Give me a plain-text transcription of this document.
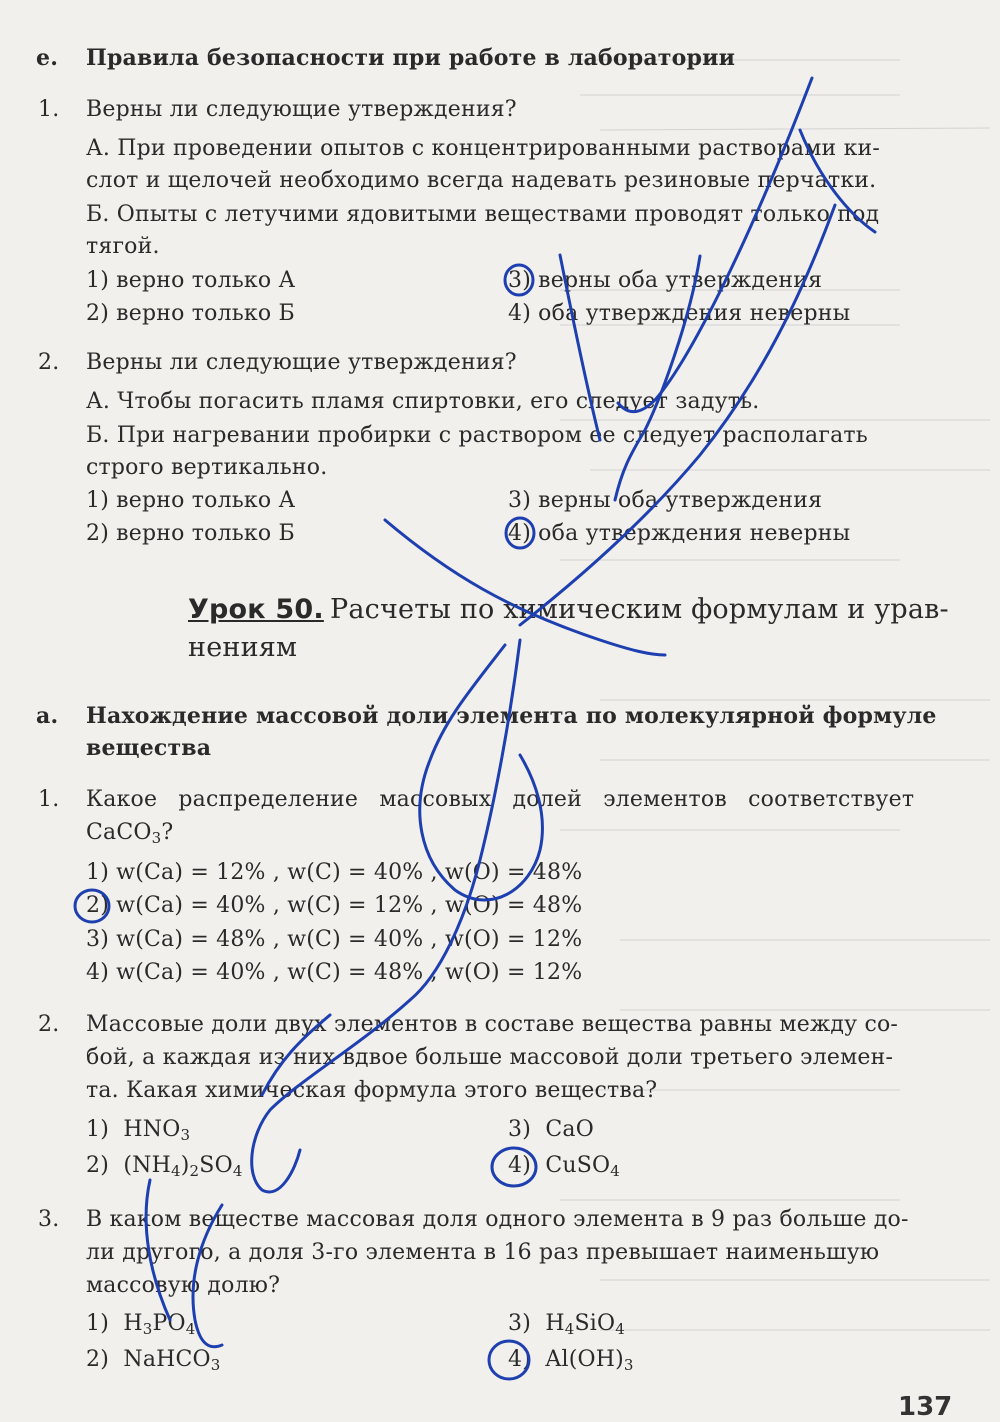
e. Правила безопасности при работе в лаборатории
1. Верны ли следующие утверждения?
А. При проведении опытов с концентрированными растворами ки-
слот и щелочей необходимо всегда надевать резиновые перчатки.
Б. Опыты с летучими ядовитыми веществами проводят только под
тягой.
1) верно только А
2) верно только Б
3) верны оба утверждения
4) оба утверждения неверны
2. Верны ли следующие утверждения?
А. Чтобы погасить пламя спиртовки, его следует задуть.
Б. При нагревании пробирки с раствором ее следует располагать
строго вертикально.
1) верно только А
2) верно только Б
3) верны оба утверждения
4) оба утверждения неверны
Урок 50. Расчеты по химическим формулам и урав-
нениям
а. Нахождение массовой доли элемента по молекулярной формуле
вещества
1. Какое распределение массовых долей элементов соответствует
CaCO$_3$?
1) w(Ca) = 12% , w(C) = 40% , w(O) = 48%
2) w(Ca) = 40% , w(C) = 12% , w(O) = 48%
3) w(Ca) = 48% , w(C) = 40% , w(O) = 12%
4) w(Ca) = 40% , w(C) = 48% , w(O) = 12%
2. Массовые доли двух элементов в составе вещества равны между со-
бой, а каждая из них вдвое больше массовой доли третьего элемен-
та. Какая химическая формула этого вещества?
1) $HNO_3$
2) $(NH_4)_2SO_4$
3) CaO
4) CuSO$_4$
3. В каком веществе массовая доля одного элемента в 9 раз больше до-
ли другого, а доля 3-го элемента в 16 раз превышает наименьшую
массовую долю?
1) $H_3PO_4$
2) NaHCO$_3$
3) $H_4SiO_4$
4) $Al(OH)_3$
137
